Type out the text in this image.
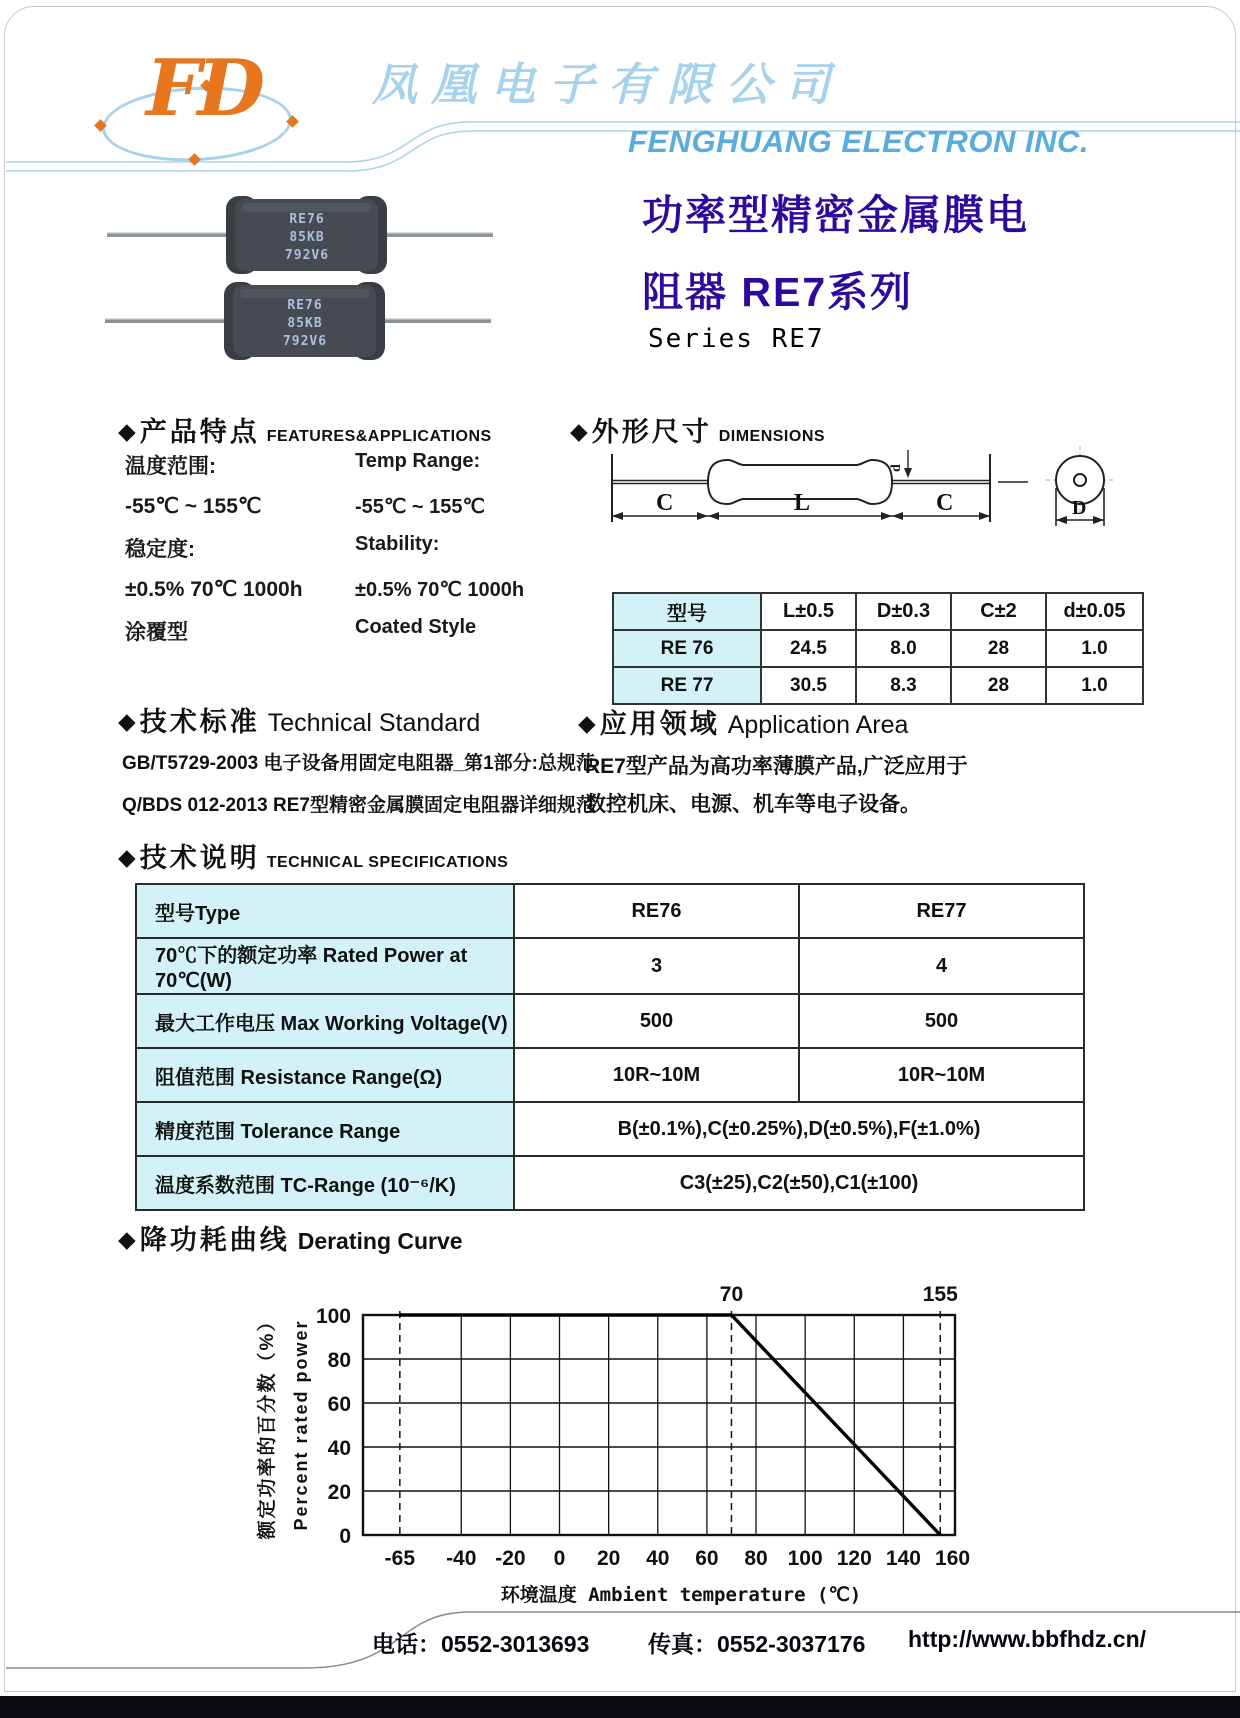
FD 凤凰电子有限公司
FENGHUANG ELECTRON INC.
RE76
85KB
792V6
RE76
85KB
792V6
功率型精密金属膜电
阻器 RE7系列
Series RE7
◆ 产品特点 FEATURES&APPLICATIONS
温度范围:	Temp Range:
-55℃ ~ 155℃	-55℃ ~ 155℃
稳定度:	Stability:
±0.5% 70℃ 1000h	±0.5% 70℃ 1000h
涂覆型	Coated Style
◆ 外形尺寸 DIMENSIONS
C	L	C
d
D
型号	L±0.5	D±0.3	C±2	d±0.05
RE 76	24.5	8.0	28	1.0
RE 77	30.5	8.3	28	1.0
◆ 技术标准 Technical Standard
GB/T5729-2003 电子设备用固定电阻器_第1部分:总规范
Q/BDS 012-2013 RE7型精密金属膜固定电阻器详细规范
◆ 应用领域 Application Area
RE7型产品为高功率薄膜产品,广泛应用于
数控机床、电源、机车等电子设备。
◆ 技术说明 TECHNICAL SPECIFICATIONS
型号Type	RE76	RE77
70℃下的额定功率 Rated Power at 70℃(W)	3	4
最大工作电压 Max Working Voltage(V)	500	500
阻值范围 Resistance Range(Ω)	10R~10M	10R~10M
精度范围 Tolerance Range	B(±0.1%),C(±0.25%),D(±0.5%),F(±1.0%)	
温度系数范围 TC-Range (10⁻⁶/K)	C3(±25),C2(±50),C1(±100)	
◆ 降功耗曲线 Derating Curve
0
20
40
60
80
100
-65 -40 -20 0 20 40 60 80 100 120 140 160
70	155
环境温度 Ambient temperature (℃)
额定功率的百分数（%） Percent rated power
电话：0552-3013693	传真：0552-3037176 http://www.bbfhdz.cn/
